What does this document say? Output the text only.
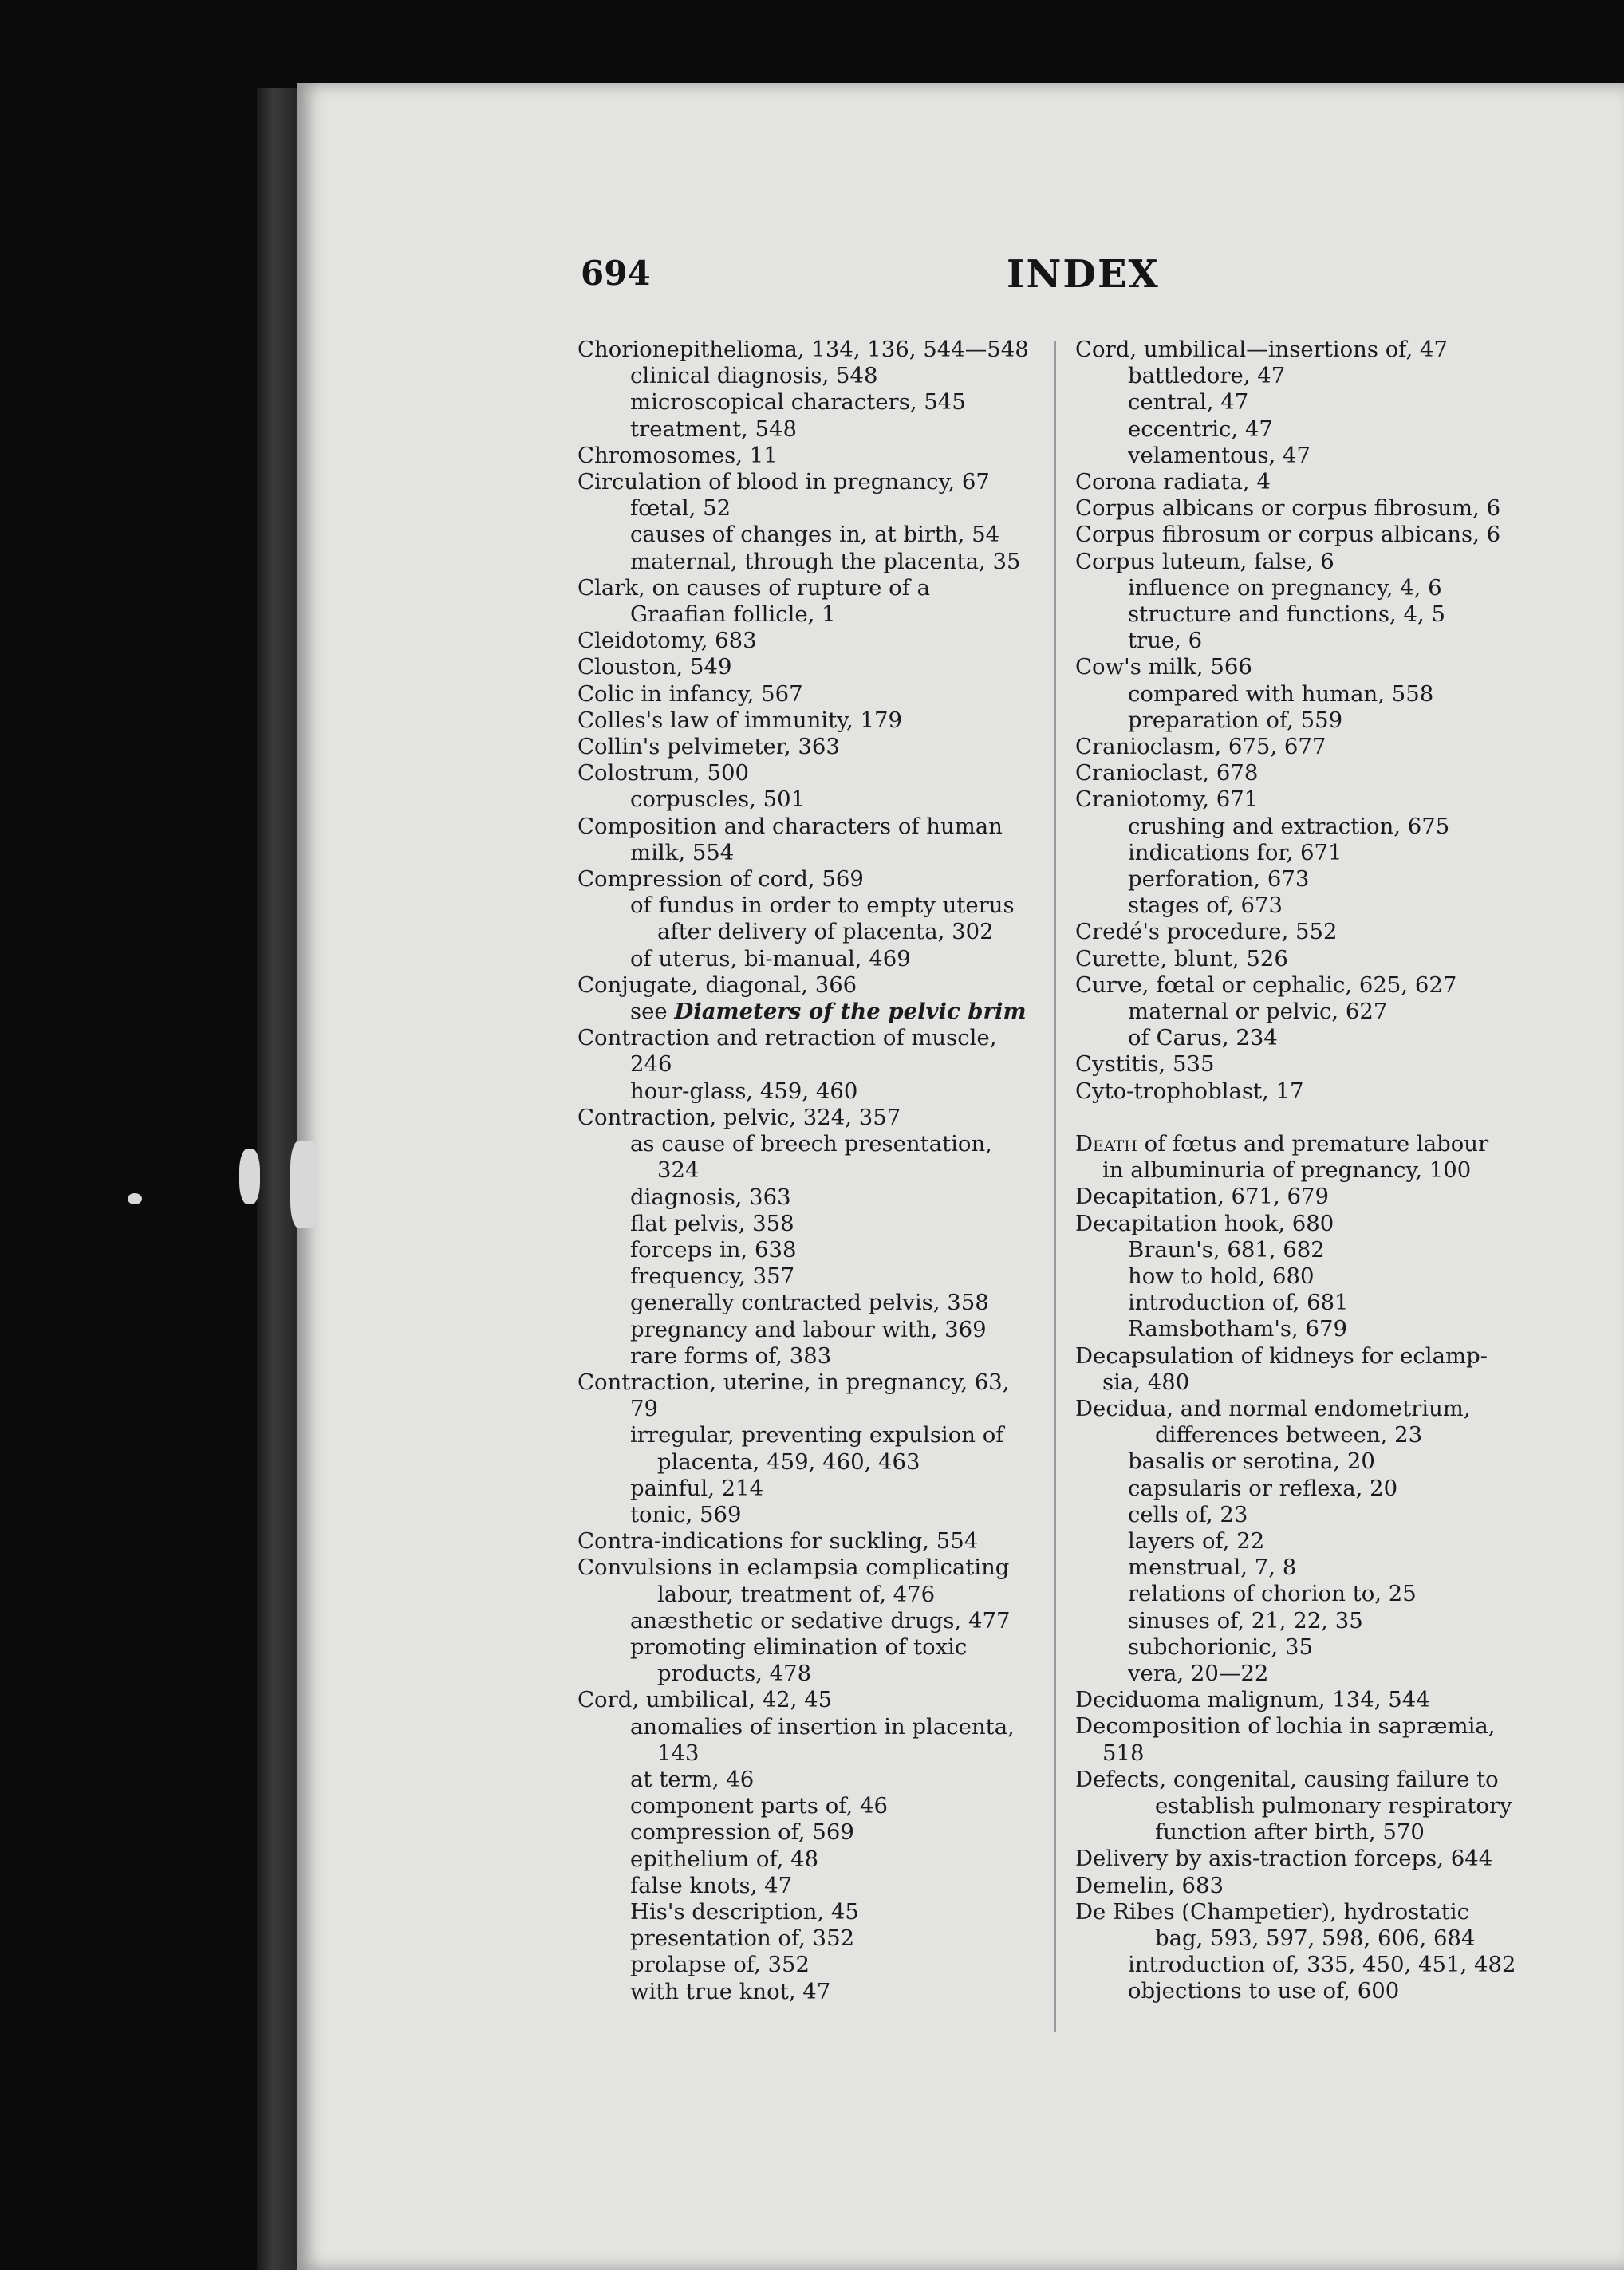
694	INDEX
Chorionepithelioma, 134, 136, 544—548
clinical diagnosis, 548
microscopical characters, 545
treatment, 548
Chromosomes, 11
Circulation of blood in pregnancy, 67
fœtal, 52
causes of changes in, at birth, 54
maternal, through the placenta, 35
Clark, on causes of rupture of a
Graafian follicle, 1
Cleidotomy, 683
Clouston, 549
Colic in infancy, 567
Colles's law of immunity, 179
Collin's pelvimeter, 363
Colostrum, 500
corpuscles, 501
Composition and characters of human
milk, 554
Compression of cord, 569
of fundus in order to empty uterus
after delivery of placenta, 302
of uterus, bi-manual, 469
Conjugate, diagonal, 366
see Diameters of the pelvic brim
Contraction and retraction of muscle,
246
hour-glass, 459, 460
Contraction, pelvic, 324, 357
as cause of breech presentation,
324
diagnosis, 363
flat pelvis, 358
forceps in, 638
frequency, 357
generally contracted pelvis, 358
pregnancy and labour with, 369
rare forms of, 383
Contraction, uterine, in pregnancy, 63,
79
irregular, preventing expulsion of
placenta, 459, 460, 463
painful, 214
tonic, 569
Contra-indications for suckling, 554
Convulsions in eclampsia complicating
labour, treatment of, 476
anæsthetic or sedative drugs, 477
promoting elimination of toxic
products, 478
Cord, umbilical, 42, 45
anomalies of insertion in placenta,
143
at term, 46
component parts of, 46
compression of, 569
epithelium of, 48
false knots, 47
His's description, 45
presentation of, 352
prolapse of, 352
with true knot, 47
Cord, umbilical—insertions of, 47
battledore, 47
central, 47
eccentric, 47
velamentous, 47
Corona radiata, 4
Corpus albicans or corpus fibrosum, 6
Corpus fibrosum or corpus albicans, 6
Corpus luteum, false, 6
influence on pregnancy, 4, 6
structure and functions, 4, 5
true, 6
Cow's milk, 566
compared with human, 558
preparation of, 559
Cranioclasm, 675, 677
Cranioclast, 678
Craniotomy, 671
crushing and extraction, 675
indications for, 671
perforation, 673
stages of, 673
Credé's procedure, 552
Curette, blunt, 526
Curve, fœtal or cephalic, 625, 627
maternal or pelvic, 627
of Carus, 234
Cystitis, 535
Cyto-trophoblast, 17
Death of fœtus and premature labour
in albuminuria of pregnancy, 100
Decapitation, 671, 679
Decapitation hook, 680
Braun's, 681, 682
how to hold, 680
introduction of, 681
Ramsbotham's, 679
Decapsulation of kidneys for eclamp-
sia, 480
Decidua, and normal endometrium,
differences between, 23
basalis or serotina, 20
capsularis or reflexa, 20
cells of, 23
layers of, 22
menstrual, 7, 8
relations of chorion to, 25
sinuses of, 21, 22, 35
subchorionic, 35
vera, 20—22
Deciduoma malignum, 134, 544
Decomposition of lochia in sapræmia,
518
Defects, congenital, causing failure to
establish pulmonary respiratory
function after birth, 570
Delivery by axis-traction forceps, 644
Demelin, 683
De Ribes (Champetier), hydrostatic
bag, 593, 597, 598, 606, 684
introduction of, 335, 450, 451, 482
objections to use of, 600
